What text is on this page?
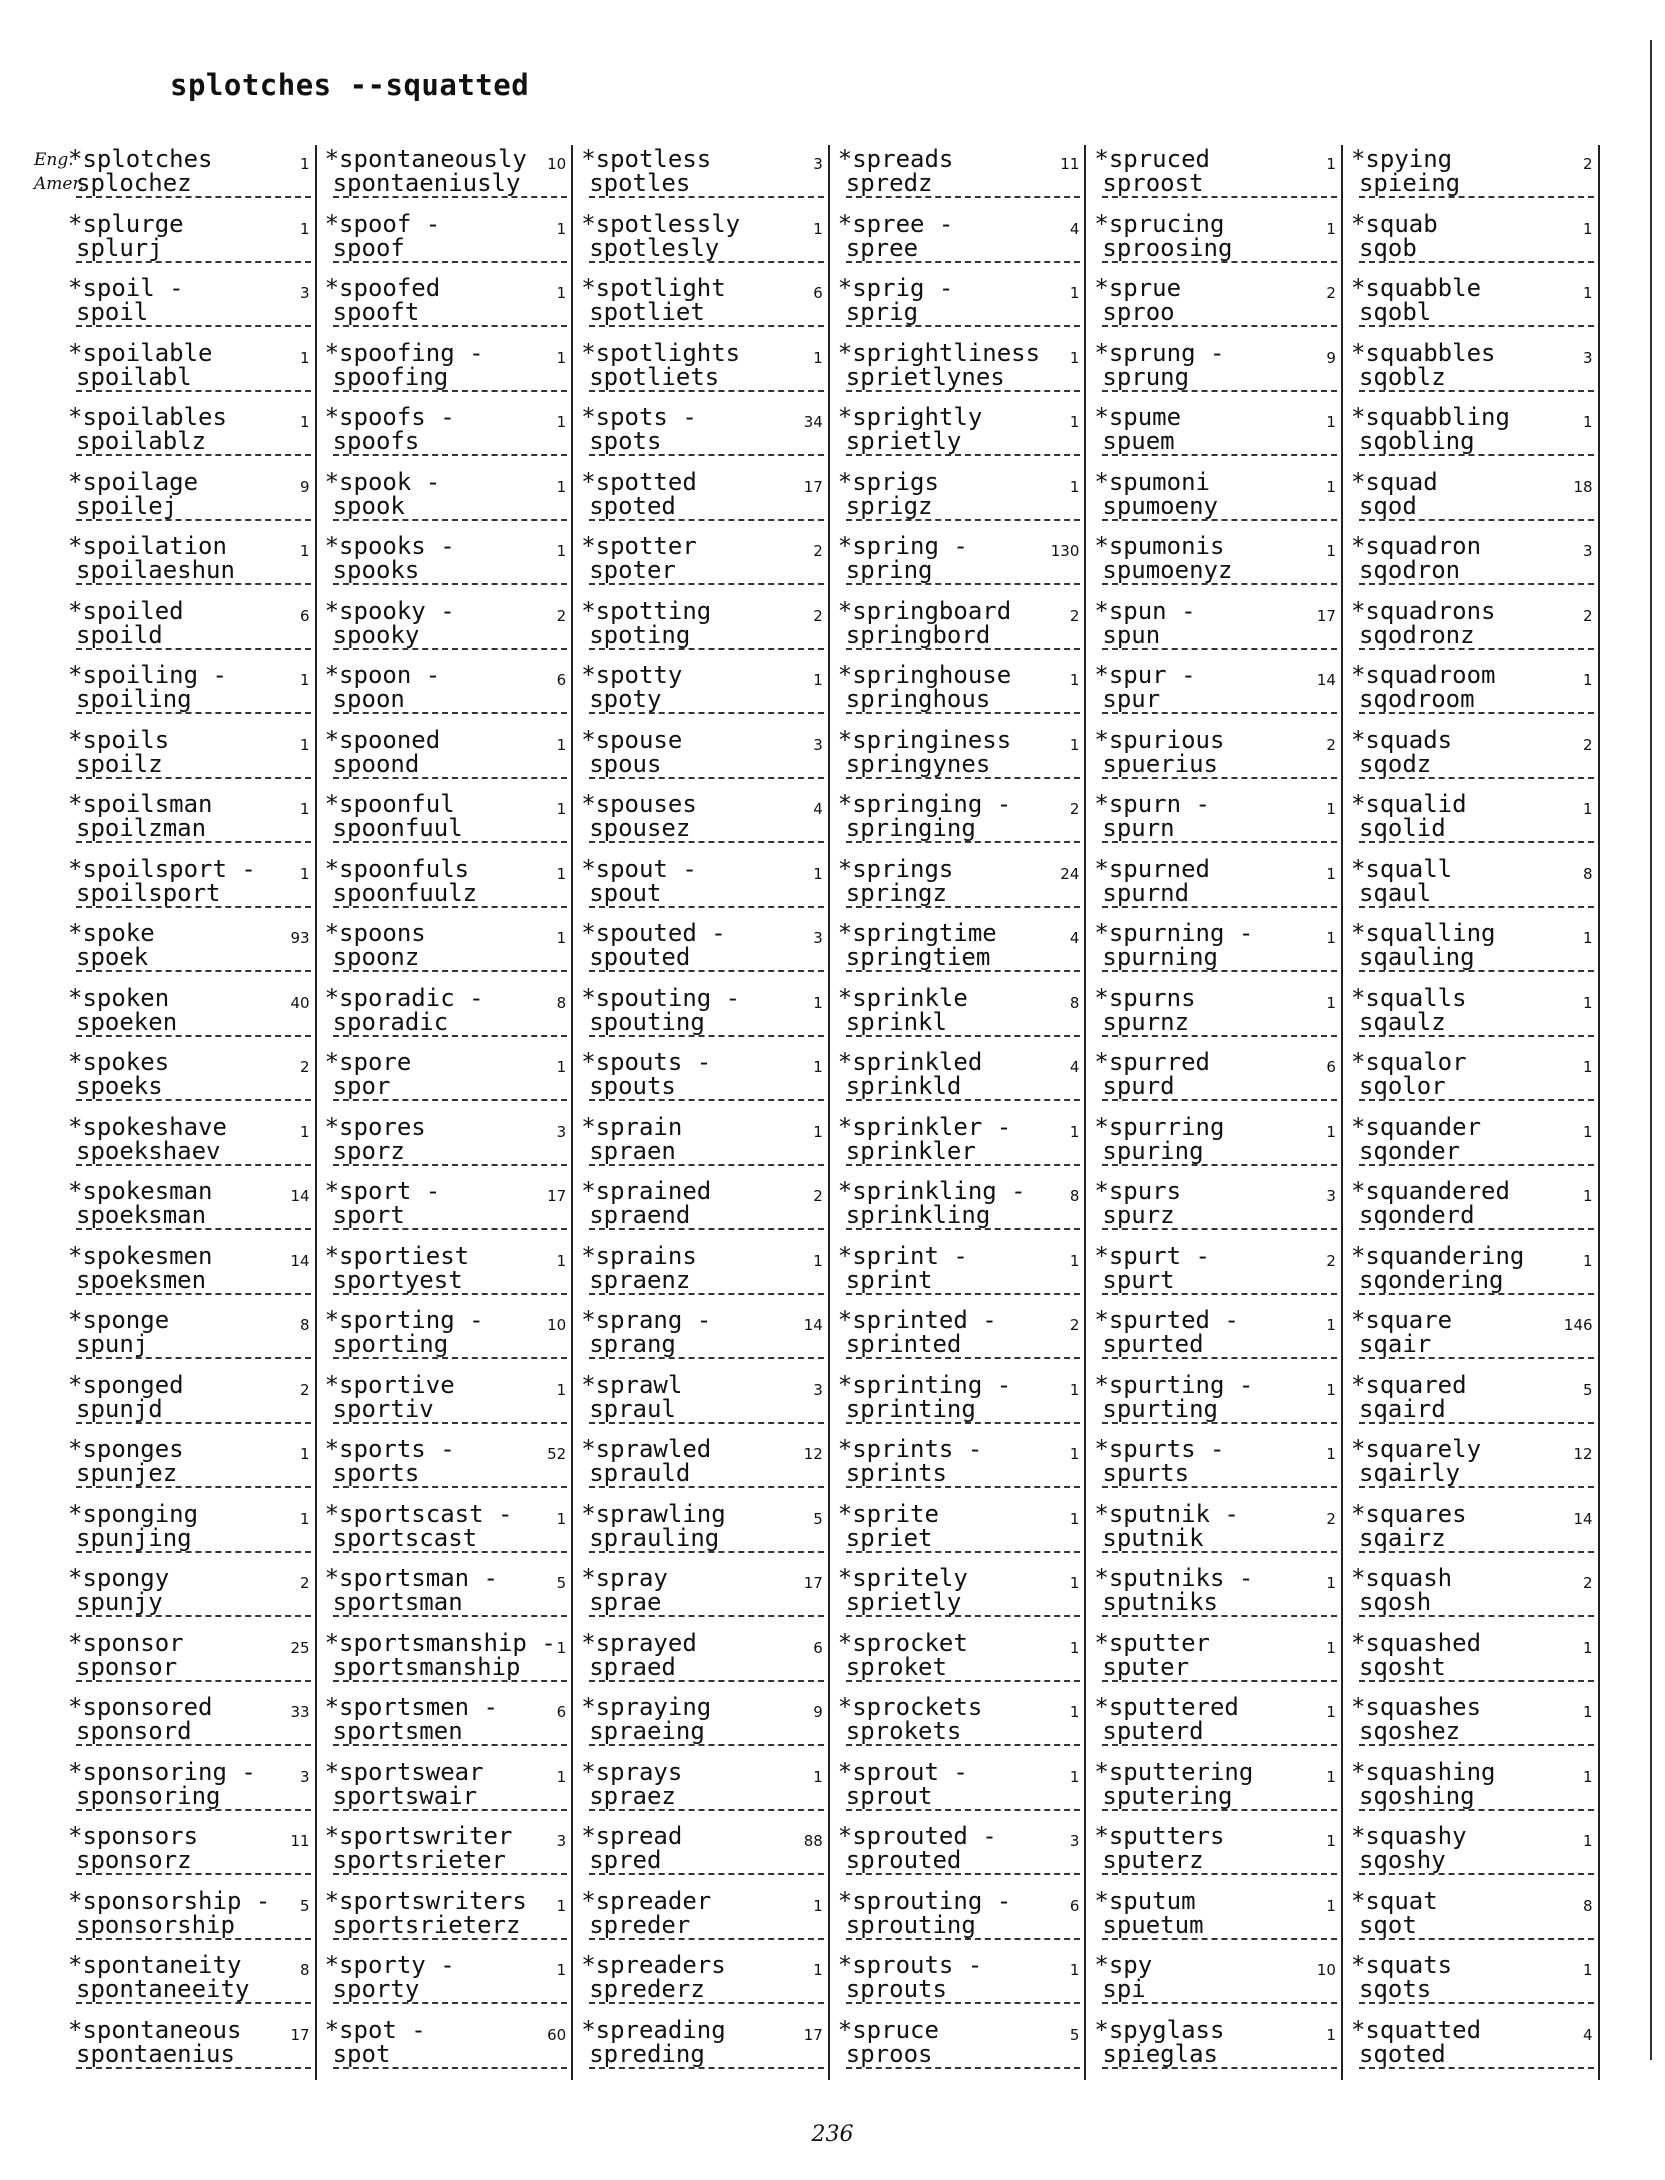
splotches --squatted
Eng.
Amer.
*splotches	1
splochez
*spontaneously 10
spontaeniusly
*spotless	3
spotles
*spreads	11
spredz
*spruced	1
sproost
*spying	2
spieing
*splurge	1
splurj
*spoof -	1
spoof
*spotlessly	1
spotlesly
*spree -	4
spree
*sprucing	1
sproosing
*squab	1
sqob
*spoil -	3
spoil
*spoofed	1
spooft
*spotlight	6
spotliet
*sprig -	1
sprig
*sprue	2
sproo
*squabble	1
sqobl
*spoilable	1
spoilabl
*spoofing -	1
spoofing
*spotlights	1
spotliets
*sprightliness 1
sprietlynes
*sprung -	9
sprung
*squabbles	3
sqoblz
*spoilables	1
spoilablz
*spoofs -	1
spoofs
*spots -	34
spots
*sprightly	1
sprietly
*spume	1
spuem
*squabbling	1
sqobling
*spoilage	9
spoilej
*spook -	1
spook
*spotted	17
spoted
*sprigs	1
sprigz
*spumoni	1
spumoeny
*squad	18
sqod
*spoilation	1
spoilaeshun
*spooks -	1
spooks
*spotter	2
spoter
*spring -	130
spring
*spumonis	1
spumoenyz
*squadron	3
sqodron
*spoiled	6
spoild
*spooky -	2
spooky
*spotting	2
spoting
*springboard	2
springbord
*spun -	17
spun
*squadrons	2
sqodronz
*spoiling -	1
spoiling
*spoon -	6
spoon
*spotty	1
spoty
*springhouse	1
springhous
*spur -	14
spur
*squadroom	1
sqodroom
*spoils	1
spoilz
*spooned	1
spoond
*spouse	3
spous
*springiness	1
springynes
*spurious	2
spuerius
*squads	2
sqodz
*spoilsman	1
spoilzman
*spoonful	1
spoonfuul
*spouses	4
spousez
*springing -	2
springing
*spurn -	1
spurn
*squalid	1
sqolid
*spoilsport -	1
spoilsport
*spoonfuls	1
spoonfuulz
*spout -	1
spout
*springs	24
springz
*spurned	1
spurnd
*squall	8
sqaul
*spoke	93
spoek
*spoons	1
spoonz
*spouted -	3
spouted
*springtime	4
springtiem
*spurning -	1
spurning
*squalling	1
sqauling
*spoken	40
spoeken
*sporadic -	8
sporadic
*spouting -	1
spouting
*sprinkle	8
sprinkl
*spurns	1
spurnz
*squalls	1
sqaulz
*spokes	2
spoeks
*spore	1
spor
*spouts -	1
spouts
*sprinkled	4
sprinkld
*spurred	6
spurd
*squalor	1
sqolor
*spokeshave	1
spoekshaev
*spores	3
sporz
*sprain	1
spraen
*sprinkler -	1
sprinkler
*spurring	1
spuring
*squander	1
sqonder
*spokesman	14
spoeksman
*sport -	17
sport
*sprained	2
spraend
*sprinkling -	8
sprinkling
*spurs	3
spurz
*squandered	1
sqonderd
*spokesmen	14
spoeksmen
*sportiest	1
sportyest
*sprains	1
spraenz
*sprint -	1
sprint
*spurt -	2
spurt
*squandering	1
sqondering
*sponge	8
spunj
*sporting -	10
sporting
*sprang -	14
sprang
*sprinted -	2
sprinted
*spurted -	1
spurted
*square	146
sqair
*sponged	2
spunjd
*sportive	1
sportiv
*sprawl	3
spraul
*sprinting -	1
sprinting
*spurting -	1
spurting
*squared	5
sqaird
*sponges	1
spunjez
*sports -	52
sports
*sprawled	12
sprauld
*sprints -	1
sprints
*spurts -	1
spurts
*squarely	12
sqairly
*sponging	1
spunjing
*sportscast -	1
sportscast
*sprawling	5
sprauling
*sprite	1
spriet
*sputnik -	2
sputnik
*squares	14
sqairz
*spongy	2
spunjy
*sportsman -	5
sportsman
*spray	17
sprae
*spritely	1
sprietly
*sputniks -	1
sputniks
*squash	2
sqosh
*sponsor	25
sponsor
*sportsmanship - 1
sportsmanship
*sprayed	6
spraed
*sprocket	1
sproket
*sputter	1
sputer
*squashed	1
sqosht
*sponsored	33
sponsord
*sportsmen -	6
sportsmen
*spraying	9
spraeing
*sprockets	1
sprokets
*sputtered	1
sputerd
*squashes	1
sqoshez
*sponsoring -	3
sponsoring
*sportswear	1
sportswair
*sprays	1
spraez
*sprout -	1
sprout
*sputtering	1
sputering
*squashing	1
sqoshing
*sponsors	11
sponsorz
*sportswriter	3
sportsrieter
*spread	88
spred
*sprouted -	3
sprouted
*sputters	1
sputerz
*squashy	1
sqoshy
*sponsorship - 5
sponsorship
*sportswriters 1
sportsrieterz
*spreader	1
spreder
*sprouting -	6
sprouting
*sputum	1
spuetum
*squat	8
sqot
*spontaneity	8
spontaneeity
*sporty -	1
sporty
*spreaders	1
sprederz
*sprouts -	1
sprouts
*spy	10
spi
*squats	1
sqots
*spontaneous	17
spontaenius
*spot -	60
spot
*spreading	17
spreding
*spruce	5
sproos
*spyglass	1
spieglas
*squatted	4
sqoted
236
